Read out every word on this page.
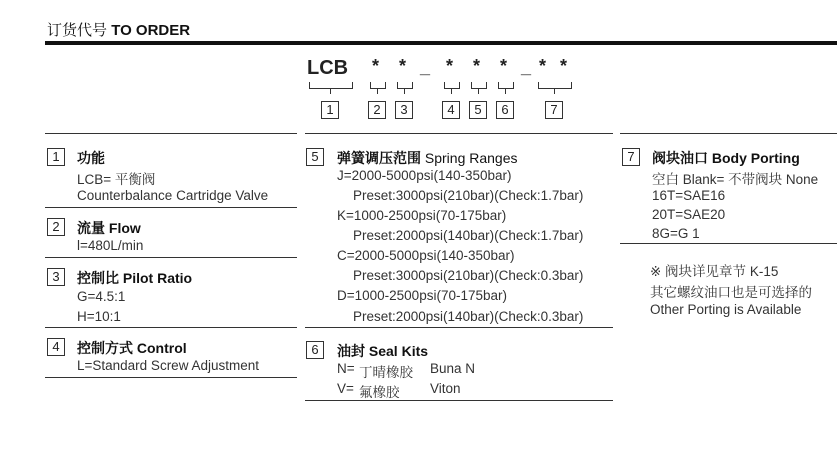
订货代号 TO ORDER
LCB * * _ * * * _ * *
1	2	3	4	5	6	7
1	功能
LCB= 平衡阀
Counterbalance Cartridge Valve
2	流量 Flow
l=480L/min
3	控制比 Pilot Ratio
G=4.5:1
H=10:1
4	控制方式 Control
L=Standard Screw Adjustment
5	弹簧调压范围 Spring Ranges
J=2000-5000psi(140-350bar)
Preset:3000psi(210bar)(Check:1.7bar)
K=1000-2500psi(70-175bar)
Preset:2000psi(140bar)(Check:1.7bar)
C=2000-5000psi(140-350bar)
Preset:3000psi(210bar)(Check:0.3bar)
D=1000-2500psi(70-175bar)
Preset:2000psi(140bar)(Check:0.3bar)
6	油封 Seal Kits
N= 丁晴橡胶 Buna N
V= 氟橡胶 Viton
7	阀块油口 Body Porting
空白 Blank= 不带阀块 None
16T=SAE16
20T=SAE20
8G=G 1
※ 阀块详见章节 K-15
其它螺纹油口也是可选择的
Other Porting is Available
